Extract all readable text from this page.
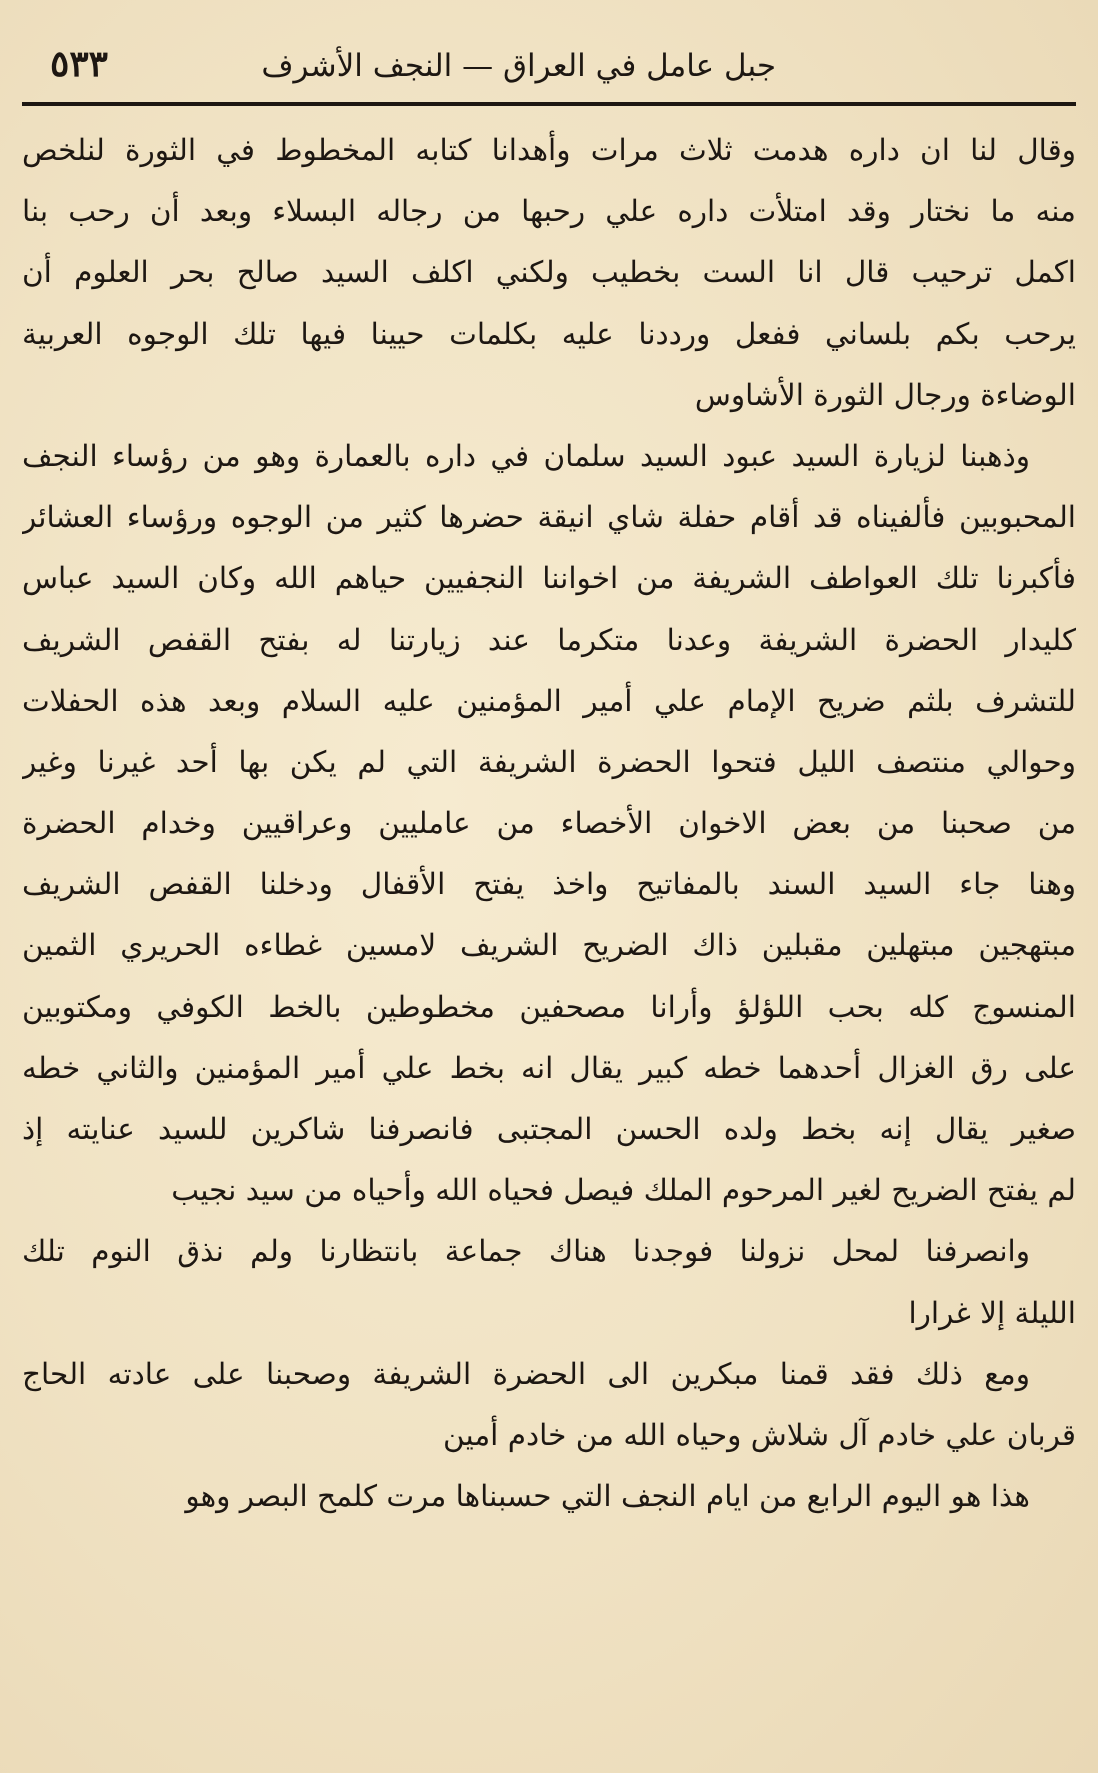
جبل عامل في العراق — النجف الأشرف
٥٣٣
وقال لنا ان داره هدمت ثلاث مرات وأهدانا كتابه المخطوط في الثورة لنلخص
منه ما نختار وقد امتلأت داره علي رحبها من رجاله البسلاء وبعد أن رحب بنا
اكمل ترحيب قال انا الست بخطيب ولكني اكلف السيد صالح بحر العلوم أن
يرحب بكم بلساني ففعل ورددنا عليه بكلمات حيينا فيها تلك الوجوه العربية
الوضاءة ورجال الثورة الأشاوس
وذهبنا لزيارة السيد عبود السيد سلمان في داره بالعمارة وهو من رؤساء النجف
المحبوبين فألفيناه قد أقام حفلة شاي انيقة حضرها كثير من الوجوه ورؤساء العشائر
فأكبرنا تلك العواطف الشريفة من اخواننا النجفيين حياهم الله وكان السيد عباس
كليدار الحضرة الشريفة وعدنا متكرما عند زيارتنا له بفتح القفص الشريف
للتشرف بلثم ضريح الإمام علي أمير المؤمنين عليه السلام وبعد هذه الحفلات
وحوالي منتصف الليل فتحوا الحضرة الشريفة التي لم يكن بها أحد غيرنا وغير
من صحبنا من بعض الاخوان الأخصاء من عامليين وعراقيين وخدام الحضرة
وهنا جاء السيد السند بالمفاتيح واخذ يفتح الأقفال ودخلنا القفص الشريف
مبتهجين مبتهلين مقبلين ذاك الضريح الشريف لامسين غطاءه الحريري الثمين
المنسوج كله بحب اللؤلؤ وأرانا مصحفين مخطوطين بالخط الكوفي ومكتوبين
على رق الغزال أحدهما خطه كبير يقال انه بخط علي أمير المؤمنين والثاني خطه
صغير يقال إنه بخط ولده الحسن المجتبى فانصرفنا شاكرين للسيد عنايته إذ
لم يفتح الضريح لغير المرحوم الملك فيصل فحياه الله وأحياه من سيد نجيب
وانصرفنا لمحل نزولنا فوجدنا هناك جماعة بانتظارنا ولم نذق النوم تلك
الليلة إلا غرارا
ومع ذلك فقد قمنا مبكرين الى الحضرة الشريفة وصحبنا على عادته الحاج
قربان علي خادم آل شلاش وحياه الله من خادم أمين
هذا هو اليوم الرابع من ايام النجف التي حسبناها مرت كلمح البصر وهو
